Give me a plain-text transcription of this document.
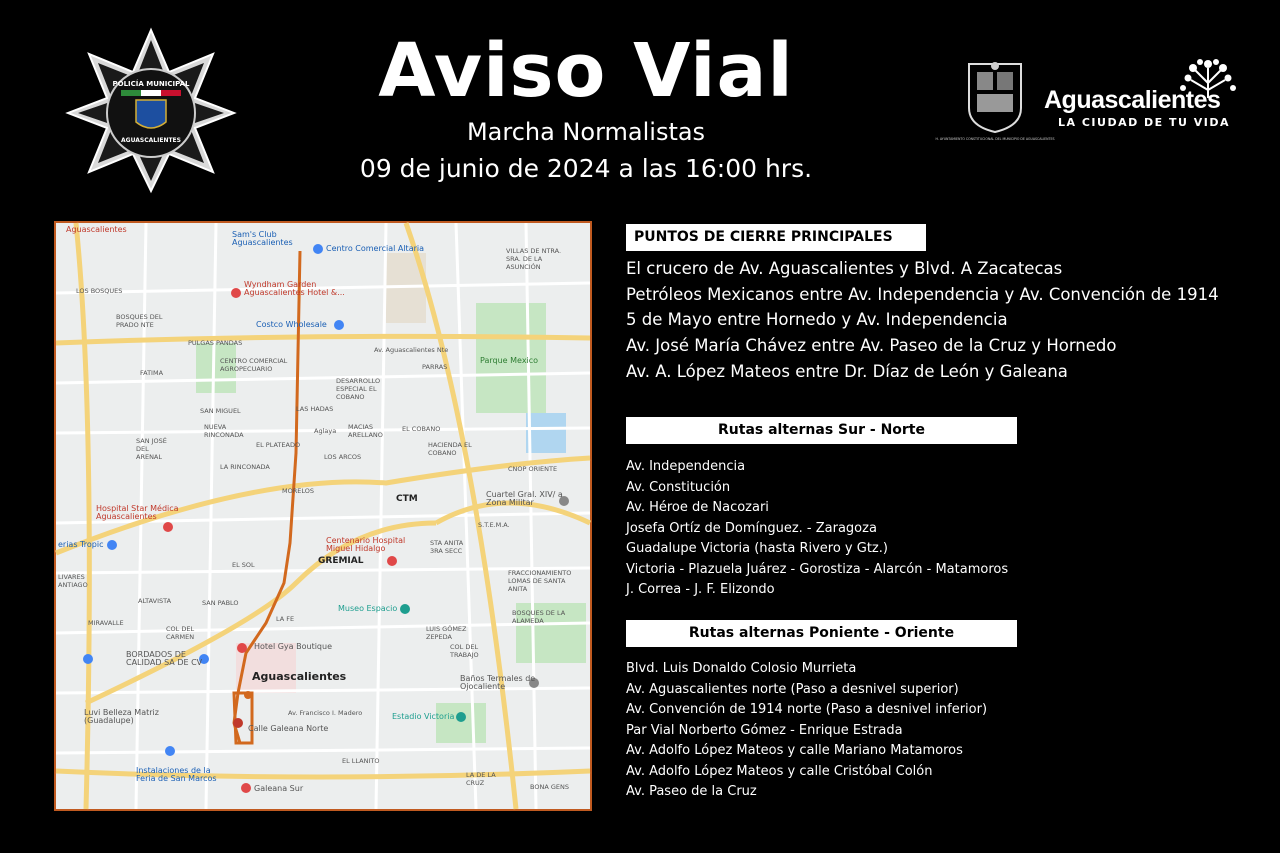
POLICÍA MUNICIPAL
AGUASCALIENTES
Aviso Vial
Marcha Normalistas
09 de junio de 2024 a las 16:00 hrs.
H. AYUNTAMIENTO CONSTITUCIONAL DEL MUNICIPIO DE AGUASCALIENTES
Aguascalientes
LA CIUDAD DE TU VIDA
Aguascalientes
Sam's Club Aguascalientes
Centro Comercial Altaria
Wyndham Garden Aguascalientes Hotel &...
Costco Wholesale
Av. Aguascalientes Nte
Parque Mexico
PULGAS PANDAS
CENTRO COMERCIAL AGROPECUARIO
FATIMA
SAN MIGUEL
NUEVA RINCONADA
EL PLATEADO
LA RINCONADA
LAS HADAS
MACIAS ARELLANO
EL COBANO
HACIENDA EL COBANO
LOS ARCOS
MORELOS
CTM	Cuartel Gral. XIV/ a Zona Militar
Hospital Star Médica Aguascalientes
Centenario Hospital Miguel Hidalgo
GREMIAL
EL SOL
ALTAVISTA	SAN PABLO
Museo Espacio
COL DEL CARMEN
BORDADOS DE CALIDAD SA DE CV
Hotel Gya Boutique
Aguascalientes
Luvi Belleza Matriz (Guadalupe)
Calle Galeana Norte
Estadio Victoria
Baños Termales de Ojocaliente
Instalaciones de la Feria de San Marcos
Galeana Sur
EL LLANITO
BONA GENS
LOS BOSQUES
BOSQUES DEL PRADO NTE
DESARROLLO ESPECIAL EL COBANO
PARRAS
CNOP ORIENTE
S.T.E.M.A.
LUIS GÓMEZ ZEPEDA
FRACCIONAMIENTO LOMAS DE SANTA ANITA
BOSQUES DE LA ALAMEDA
VILLAS DE NTRA. SRA. DE LA ASUNCIÓN
SAN JOSÉ DEL ARENAL
LA FE
MIRAVALLE
Av. Francisco I. Madero
COL DEL TRABAJO
LA DE LA CRUZ
STA ANITA 3RA SECC
Aglaya
LIVARES ANTIAGO
erias Tropic
PUNTOS DE CIERRE PRINCIPALES
El crucero de Av. Aguascalientes y Blvd. A Zacatecas
Petróleos Mexicanos entre Av. Independencia y Av. Convención de 1914
5 de Mayo entre Hornedo y Av. Independencia
Av. José María Chávez entre Av. Paseo de la Cruz y Hornedo
Av. A. López Mateos entre Dr. Díaz de León y Galeana
Rutas alternas Sur - Norte
Av. Independencia
Av. Constitución
Av. Héroe de Nacozari
Josefa Ortíz de Domínguez. - Zaragoza
Guadalupe Victoria (hasta Rivero y Gtz.)
Victoria - Plazuela Juárez - Gorostiza - Alarcón - Matamoros
J. Correa - J. F. Elizondo
Rutas alternas Poniente - Oriente
Blvd. Luis Donaldo Colosio Murrieta
Av. Aguascalientes norte (Paso a desnivel superior)
Av. Convención de 1914 norte (Paso a desnivel inferior)
Par Vial Norberto Gómez - Enrique Estrada
Av. Adolfo López Mateos y calle Mariano Matamoros
Av. Adolfo López Mateos y calle Cristóbal Colón
Av. Paseo de la Cruz
